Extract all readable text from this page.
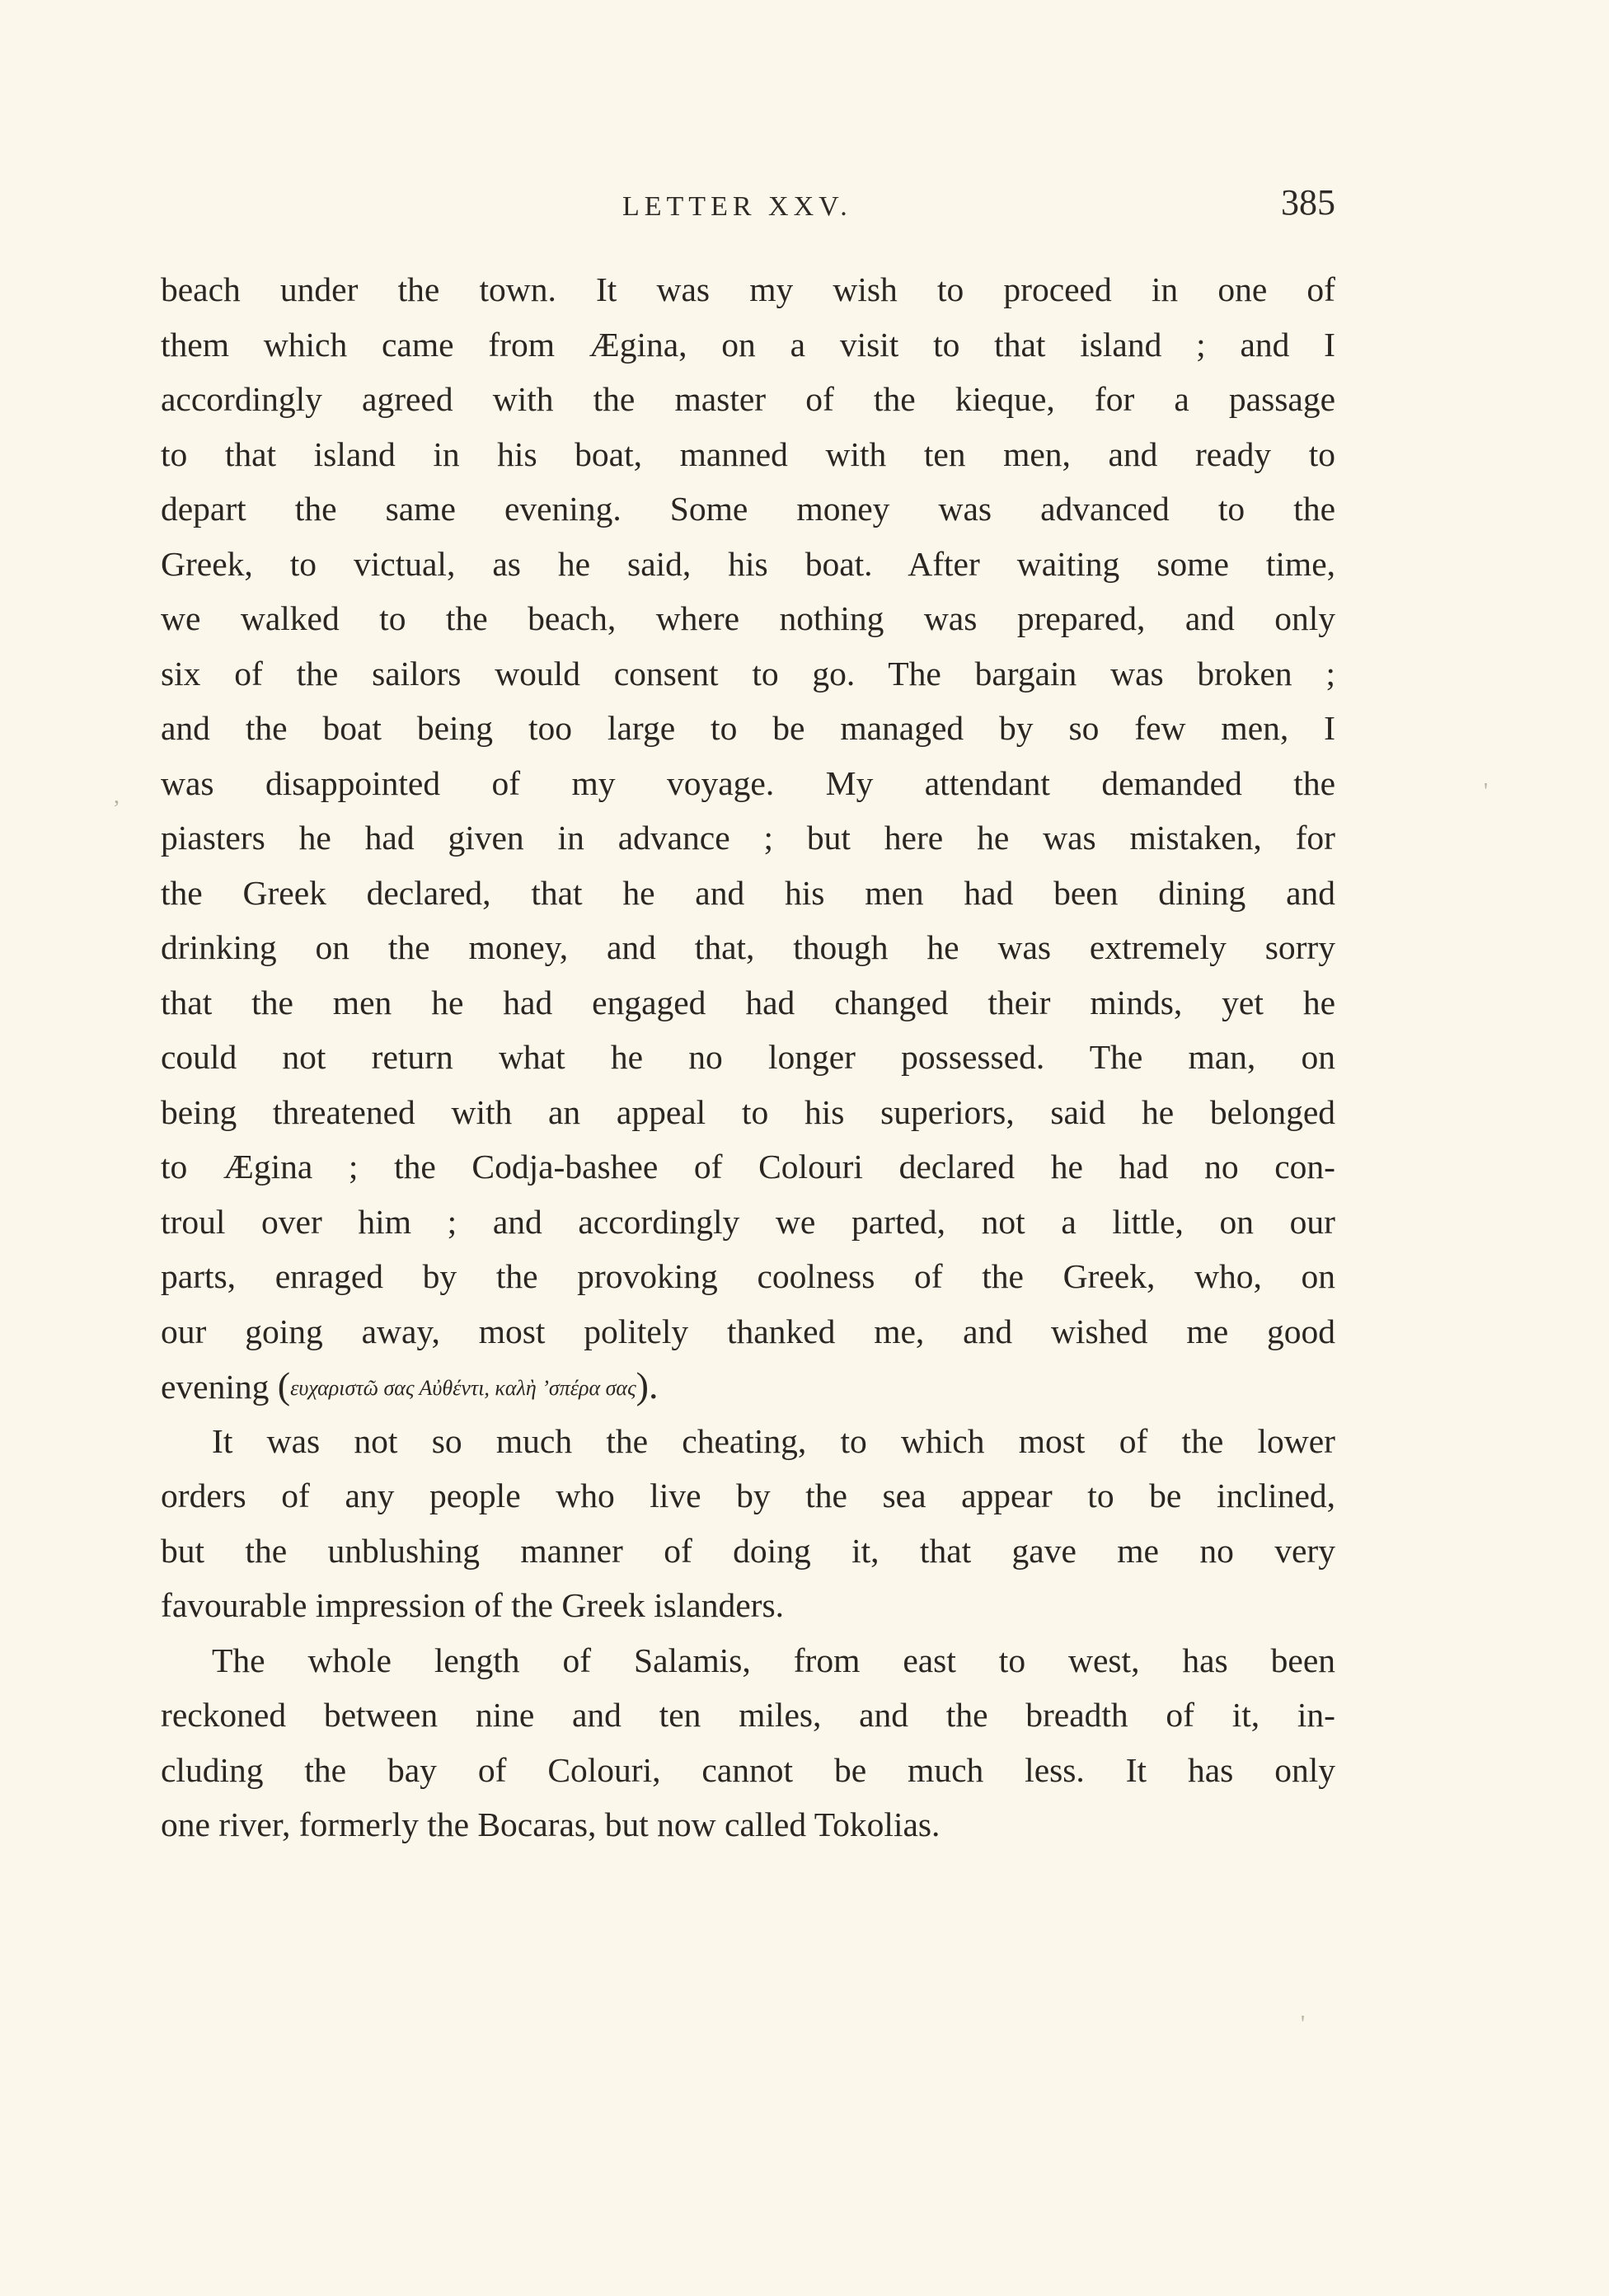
LETTER XXV.	385

beach under the town. It was my wish to proceed in one of
them which came from Ægina, on a visit to that island ; and I
accordingly agreed with the master of the kieque, for a passage
to that island in his boat, manned with ten men, and ready to
depart the same evening. Some money was advanced to the
Greek, to victual, as he said, his boat. After waiting some time,
we walked to the beach, where nothing was prepared, and only
six of the sailors would consent to go. The bargain was broken ;
and the boat being too large to be managed by so few men, I
was disappointed of my voyage. My attendant demanded the
piasters he had given in advance ; but here he was mistaken, for
the Greek declared, that he and his men had been dining and
drinking on the money, and that, though he was extremely sorry
that the men he had engaged had changed their minds, yet he
could not return what he no longer possessed. The man, on
being threatened with an appeal to his superiors, said he belonged
to Ægina ; the Codja-bashee of Colouri declared he had no con-
troul over him ; and accordingly we parted, not a little, on our
parts, enraged by the provoking coolness of the Greek, who, on
our going away, most politely thanked me, and wished me good
evening (ευχαριστῶ σας Αὐθέντι, καλὴ ’σπέρα σας).

It was not so much the cheating, to which most of the lower
orders of any people who live by the sea appear to be inclined,
but the unblushing manner of doing it, that gave me no very
favourable impression of the Greek islanders.

The whole length of Salamis, from east to west, has been
reckoned between nine and ten miles, and the breadth of it, in-
cluding the bay of Colouri, cannot be much less. It has only
one river, formerly the Bocaras, but now called Tokolias.

,	'
'
